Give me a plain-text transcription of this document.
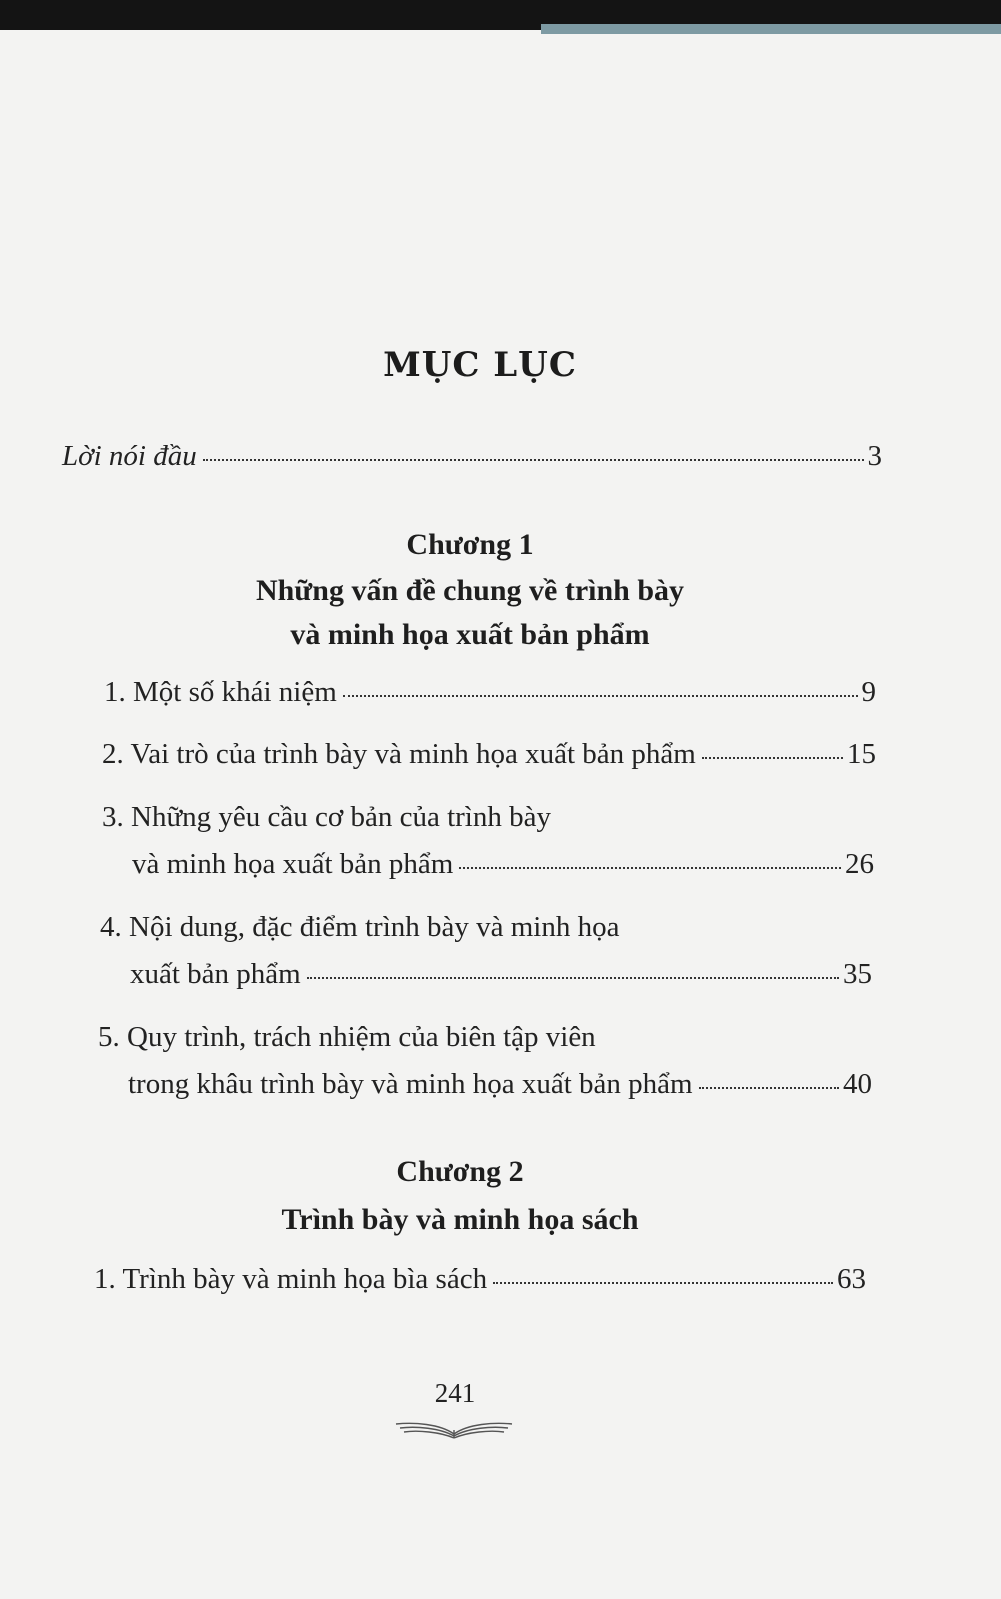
MỤC LỤC
Lời nói đầu	3
Chương 1
Những vấn đề chung về trình bày
và minh họa xuất bản phẩm
1. Một số khái niệm	9
2. Vai trò của trình bày và minh họa xuất bản phẩm	15
3. Những yêu cầu cơ bản của trình bày
và minh họa xuất bản phẩm	26
4. Nội dung, đặc điểm trình bày và minh họa
xuất bản phẩm	35
5. Quy trình, trách nhiệm của biên tập viên
trong khâu trình bày và minh họa xuất bản phẩm	40
Chương 2
Trình bày và minh họa sách
1. Trình bày và minh họa bìa sách	63
241
